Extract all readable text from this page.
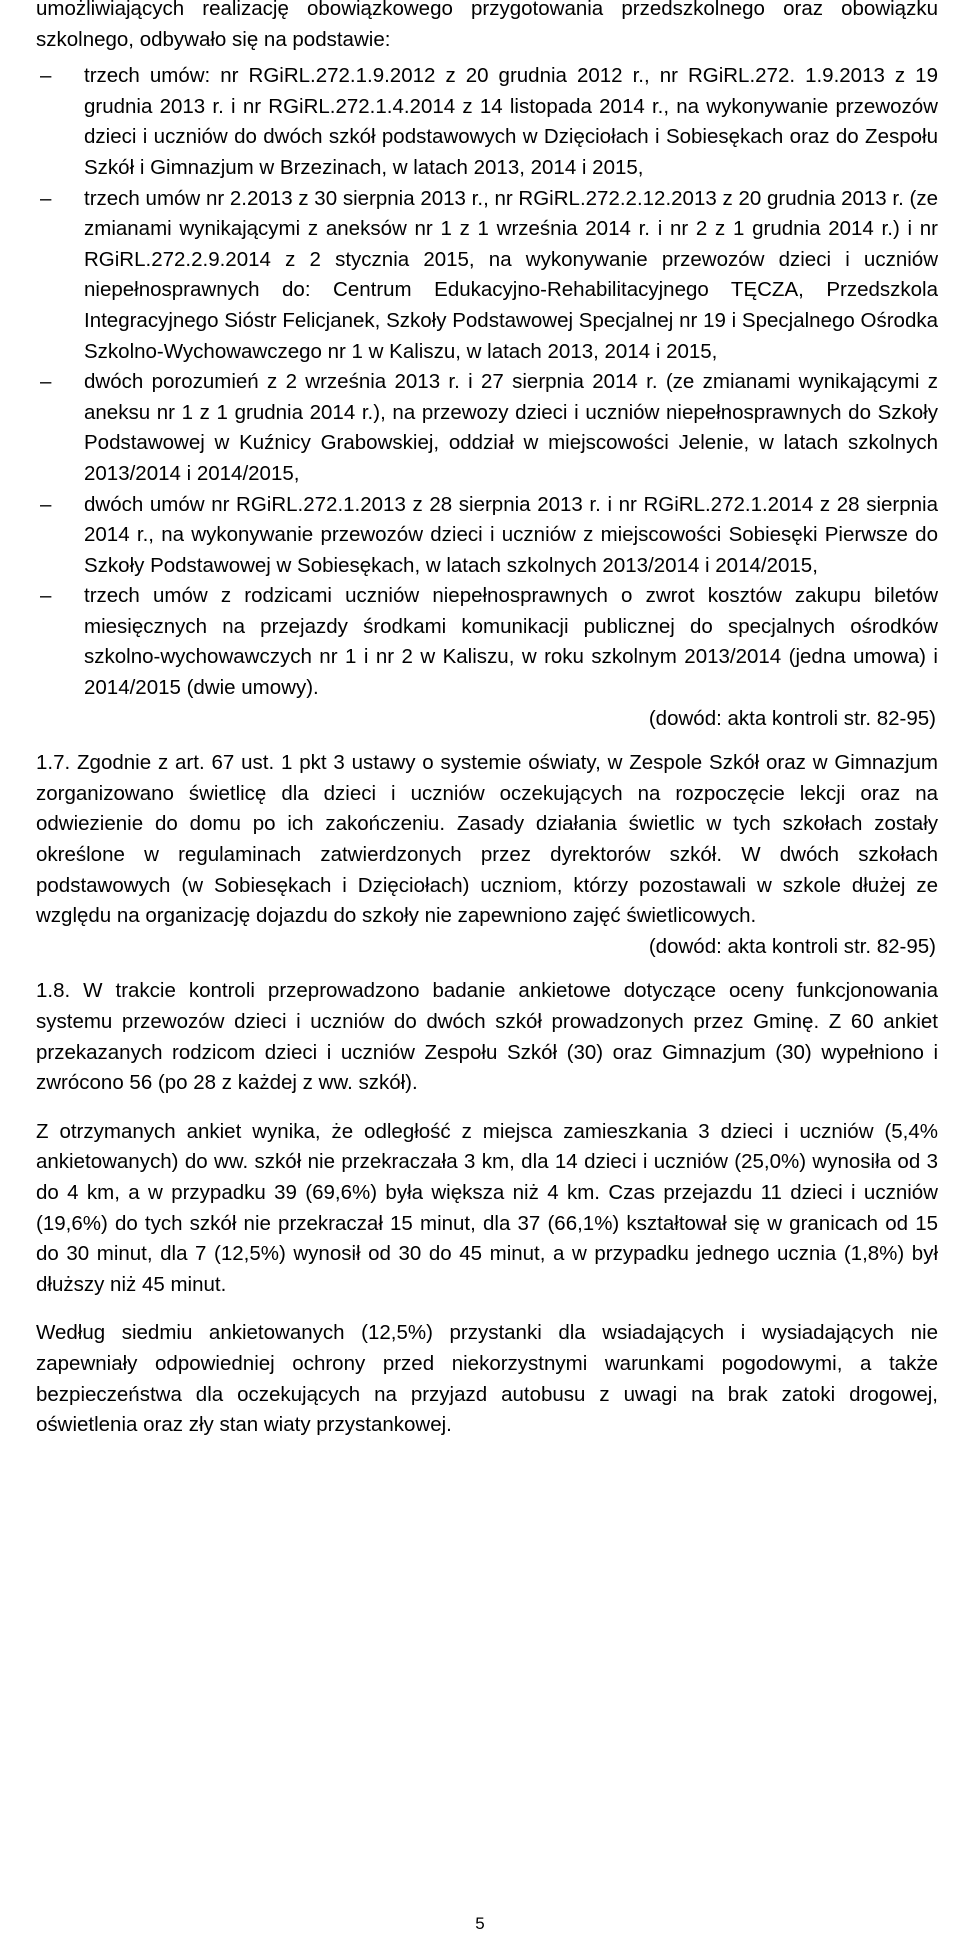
umożliwiających realizację obowiązkowego przygotowania przedszkolnego oraz obowiązku szkolnego, odbywało się na podstawie:

–	trzech umów: nr RGiRL.272.1.9.2012 z 20 grudnia 2012 r., nr RGiRL.272. 1.9.2013 z 19 grudnia 2013 r. i nr RGiRL.272.1.4.2014 z 14 listopada 2014 r., na wykonywanie przewozów dzieci i uczniów do dwóch szkół podstawowych w Dzięciołach i Sobiesękach oraz do Zespołu Szkół i Gimnazjum w Brzezinach, w latach 2013, 2014 i 2015,
–	trzech umów nr 2.2013 z 30 sierpnia 2013 r., nr RGiRL.272.2.12.2013 z 20 grudnia 2013 r. (ze zmianami wynikającymi z aneksów nr 1 z 1 września 2014 r. i nr 2 z 1 grudnia 2014 r.) i nr RGiRL.272.2.9.2014 z 2 stycznia 2015, na wykonywanie przewozów dzieci i uczniów niepełnosprawnych do: Centrum Edukacyjno-Rehabilitacyjnego TĘCZA, Przedszkola Integracyjnego Sióstr Felicjanek, Szkoły Podstawowej Specjalnej nr 19 i Specjalnego Ośrodka Szkolno-Wychowawczego nr 1 w Kaliszu, w latach 2013, 2014 i 2015,
–	dwóch porozumień z 2 września 2013 r. i 27 sierpnia 2014 r. (ze zmianami wynikającymi z aneksu nr 1 z 1 grudnia 2014 r.), na przewozy dzieci i uczniów niepełnosprawnych do Szkoły Podstawowej w Kuźnicy Grabowskiej, oddział w miejscowości Jelenie, w latach szkolnych 2013/2014 i 2014/2015,
–	dwóch umów nr RGiRL.272.1.2013 z 28 sierpnia 2013 r. i nr RGiRL.272.1.2014 z 28 sierpnia 2014 r., na wykonywanie przewozów dzieci i uczniów z miejscowości Sobiesęki Pierwsze do Szkoły Podstawowej w Sobiesękach, w latach szkolnych 2013/2014 i 2014/2015,
–	trzech umów z rodzicami uczniów niepełnosprawnych o zwrot kosztów zakupu biletów miesięcznych na przejazdy środkami komunikacji publicznej do specjalnych ośrodków szkolno-wychowawczych nr 1 i nr 2 w Kaliszu, w roku szkolnym 2013/2014 (jedna umowa) i 2014/2015 (dwie umowy).

(dowód: akta kontroli str. 82-95)

1.7. Zgodnie z art. 67 ust. 1 pkt 3 ustawy o systemie oświaty, w Zespole Szkół oraz w Gimnazjum zorganizowano świetlicę dla dzieci i uczniów oczekujących na rozpoczęcie lekcji oraz na odwiezienie do domu po ich zakończeniu. Zasady działania świetlic w tych szkołach zostały określone w regulaminach zatwierdzonych przez dyrektorów szkół. W dwóch szkołach podstawowych (w Sobiesękach i Dzięciołach) uczniom, którzy pozostawali w szkole dłużej ze względu na organizację dojazdu do szkoły nie zapewniono zajęć świetlicowych.

(dowód: akta kontroli str. 82-95)

1.8. W trakcie kontroli przeprowadzono badanie ankietowe dotyczące oceny funkcjonowania systemu przewozów dzieci i uczniów do dwóch szkół prowadzonych przez Gminę. Z 60 ankiet przekazanych rodzicom dzieci i uczniów Zespołu Szkół (30) oraz Gimnazjum (30) wypełniono i zwrócono 56 (po 28 z każdej z ww. szkół).

Z otrzymanych ankiet wynika, że odległość z miejsca zamieszkania 3 dzieci i uczniów (5,4% ankietowanych) do ww. szkół nie przekraczała 3 km, dla 14 dzieci i uczniów (25,0%) wynosiła od 3 do 4 km, a w przypadku 39 (69,6%) była większa niż 4 km. Czas przejazdu 11 dzieci i uczniów (19,6%) do tych szkół nie przekraczał 15 minut, dla 37 (66,1%) kształtował się w granicach od 15 do 30 minut, dla 7 (12,5%) wynosił od 30 do 45 minut, a w przypadku jednego ucznia (1,8%) był dłuższy niż 45 minut.

Według siedmiu ankietowanych (12,5%) przystanki dla wsiadających i wysiadających nie zapewniały odpowiedniej ochrony przed niekorzystnymi warunkami pogodowymi, a także bezpieczeństwa dla oczekujących na przyjazd autobusu z uwagi na brak zatoki drogowej, oświetlenia oraz zły stan wiaty przystankowej.

5
